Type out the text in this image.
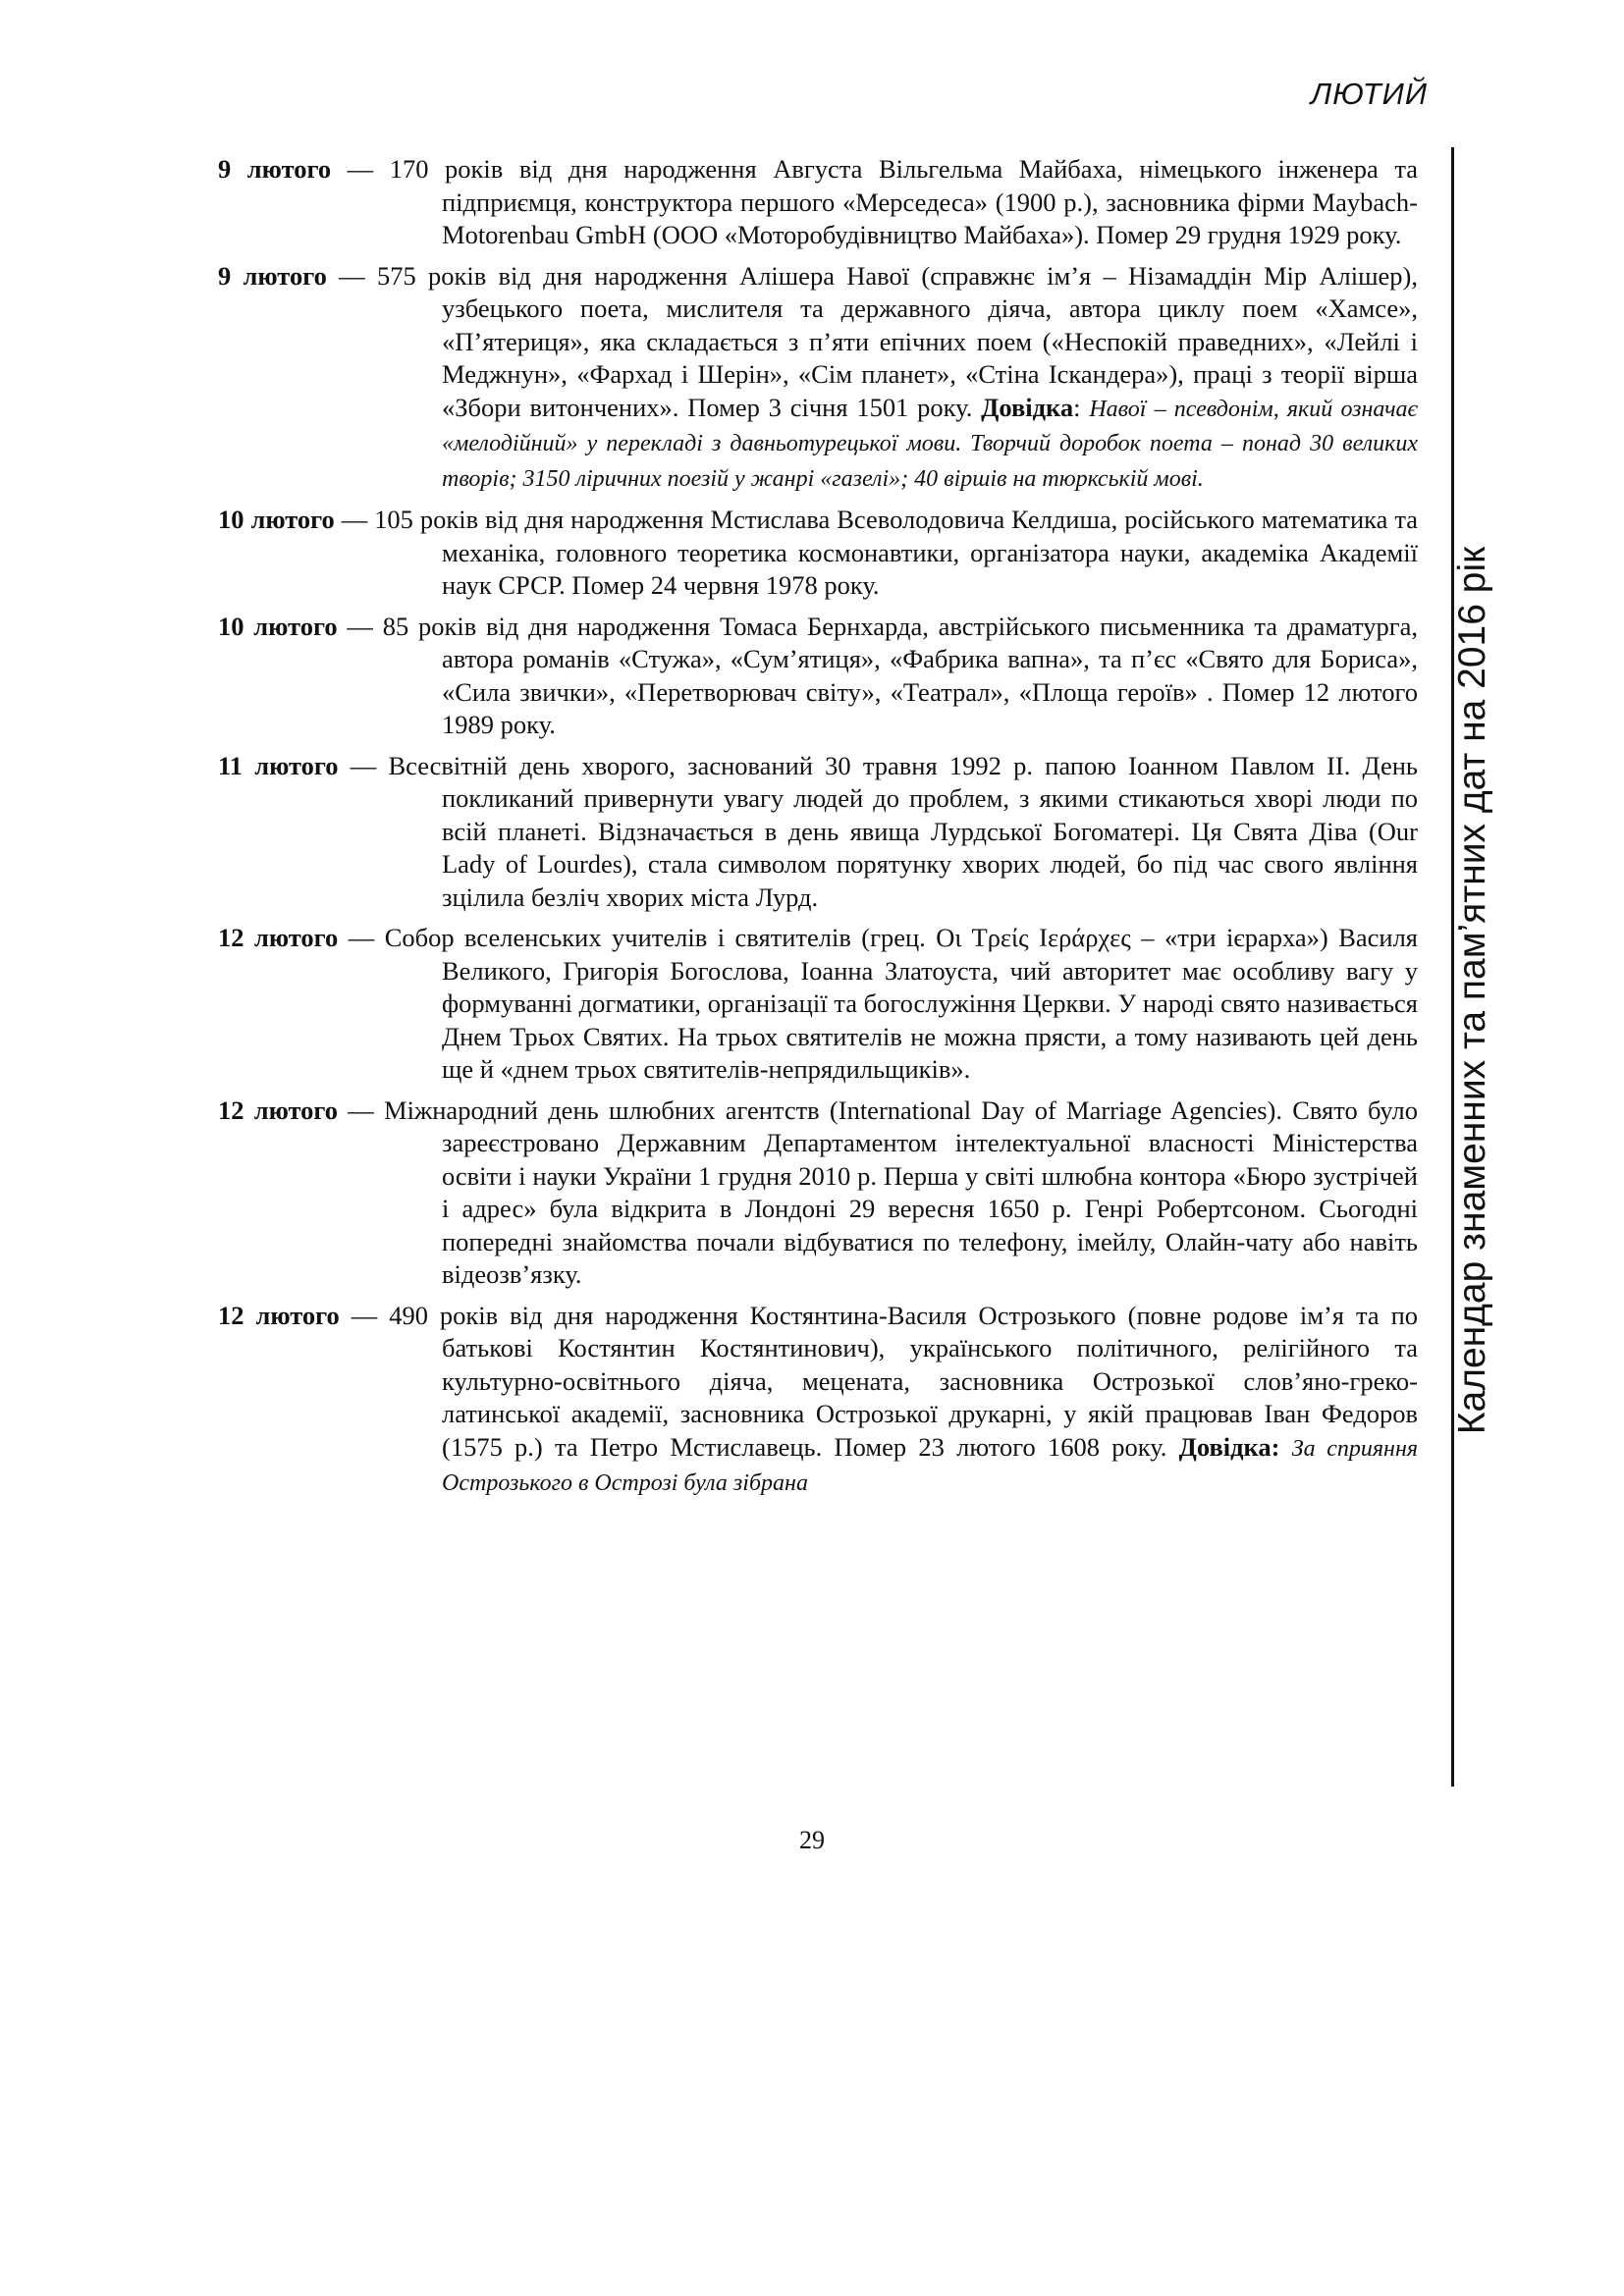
ЛЮТИЙ
Календар знаменних та пам’ятних дат на 2016 рік

9 лютого — 170 років від дня народження Августа Вільгельма Майбаха, німецького інженера та підприємця, конструктора першого «Мерседеса» (1900 р.), засновника фірми Maybach-Motorenbau GmbH (ООО «Моторобудівництво Майбаха»). Помер 29 грудня 1929 року.

9 лютого — 575 років від дня народження Алішера Навої (справжнє ім’я – Нізамаддін Мір Алішер), узбецького поета, мислителя та державного діяча, автора циклу поем «Хамсе», «П’ятериця», яка складається з п’яти епічних поем («Неспокій праведних», «Лейлі і Меджнун», «Фархад і Шерін», «Сім планет», «Стіна Іскандера»), праці з теорії вірша «Збори витончених». Помер 3 січня 1501 року. Довідка: Навої – псевдонім, який означає «мелодійний» у перекладі з давньотурецької мови. Творчий доробок поета – понад 30 великих творів; 3150 ліричних поезій у жанрі «газелі»; 40 віршів на тюркській мові.

10 лютого — 105 років від дня народження Мстислава Всеволодовича Келдиша, російського математика та механіка, головного теоретика космонавтики, організатора науки, академіка Академії наук СРСР. Помер 24 червня 1978 року.

10 лютого — 85 років від дня народження Томаса Бернхарда, австрійського письменника та драматурга, автора романів «Стужа», «Сум’ятиця», «Фабрика вапна», та п’єс «Свято для Бориса», «Сила звички», «Перетворювач світу», «Театрал», «Площа героїв» . Помер 12 лютого 1989 року.

11 лютого — Всесвітній день хворого, заснований 30 травня 1992 р. папою Іоанном Павлом ІІ. День покликаний привернути увагу людей до проблем, з якими стикаються хворі люди по всій планеті. Відзначається в день явища Лурдської Богоматері. Ця Свята Діва (Our Lady of Lourdes), стала символом порятунку хворих людей, бо під час свого явління зцілила безліч хворих міста Лурд.

12 лютого — Собор вселенських учителів і святителів (грец. Οι Τρείς Ιεράρχες – «три ієрарха») Василя Великого, Григорія Богослова, Іоанна Златоуста, чий авторитет має особливу вагу у формуванні догматики, організації та богослужіння Церкви. У народі свято називається Днем Трьох Святих. На трьох святителів не можна прясти, а тому називають цей день ще й «днем трьох святителів-непрядильщиків».

12 лютого — Міжнародний день шлюбних агентств (International Day of Marriage Agencies). Свято було зареєстровано Державним Департаментом інтелектуальної власності Міністерства освіти і науки України 1 грудня 2010 р. Перша у світі шлюбна контора «Бюро зустрічей і адрес» була відкрита в Лондоні 29 вересня 1650 р. Генрі Робертсоном. Сьогодні попередні знайомства почали відбуватися по телефону, імейлу, Олайн-чату або навіть відеозв’язку.

12 лютого — 490 років від дня народження Костянтина-Василя Острозького (повне родове ім’я та по батькові Костянтин Костянтинович), українського політичного, релігійного та культурно-освітнього діяча, мецената, засновника Острозької слов’яно-греко-латинської академії, засновника Острозької друкарні, у якій працював Іван Федоров (1575 р.) та Петро Мстиславець. Помер 23 лютого 1608 року. Довідка: За сприяння Острозького в Острозі була зібрана

29
